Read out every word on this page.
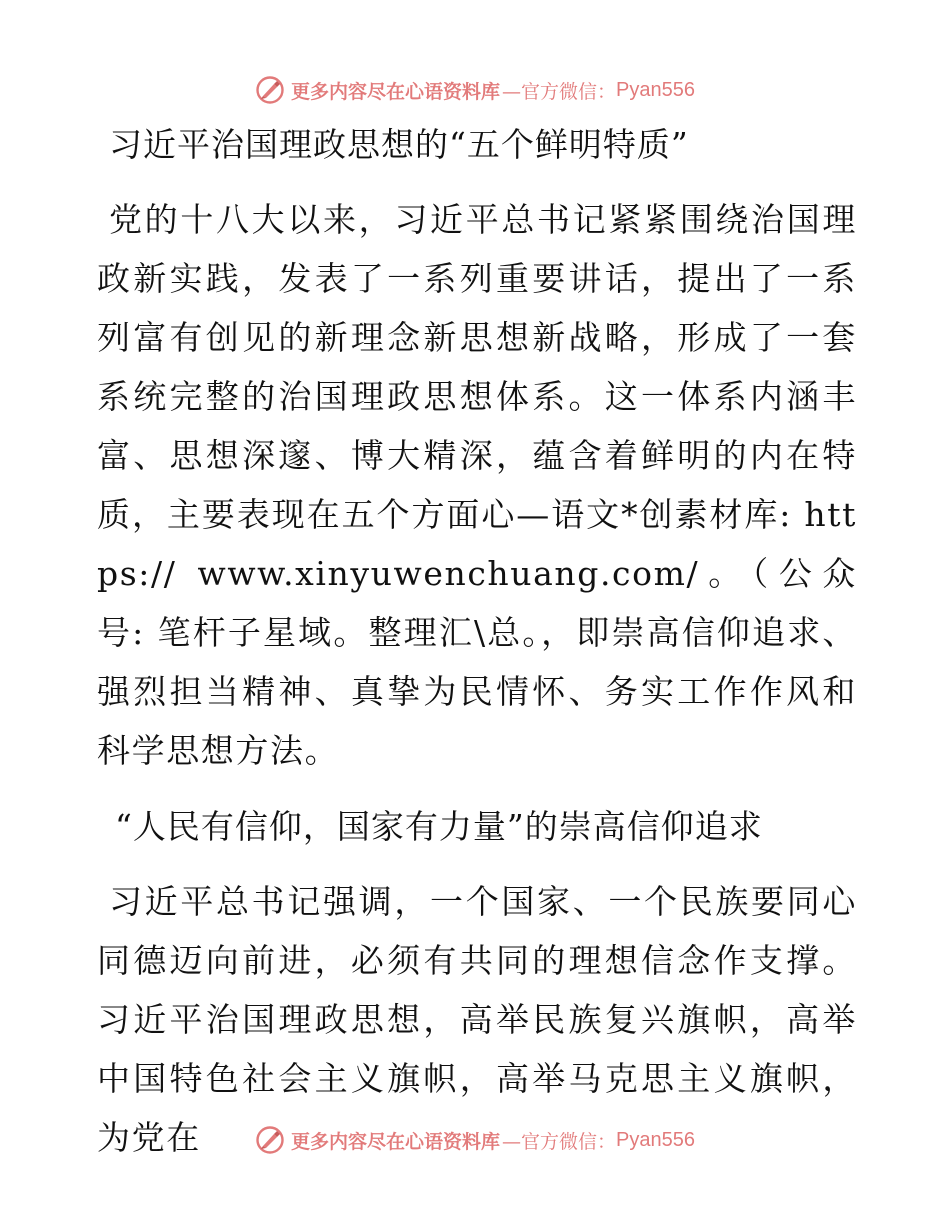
更多内容尽在心语资料库 —官方微信： Pyan556
习近平治国理政思想的“五个鲜明特质”

党的十八大以来，习近平总书记紧紧围绕治国理政新实践，发表了一系列重要讲话，提出了一系列富有创见的新理念新思想新战略，形成了一套系统完整的治国理政思想体系。这一体系内涵丰富、思想深邃、博大精深，蕴含着鲜明的内在特质，主要表现在五个方面心—语文*创素材库: https:// www.xinyuwenchuang.com/。（公众号: 笔杆子星域。整理汇\总。，即崇高信仰追求、强烈担当精神、真挚为民情怀、务实工作作风和科学思想方法。

“人民有信仰，国家有力量”的崇高信仰追求

习近平总书记强调，一个国家、一个民族要同心同德迈向前进，必须有共同的理想信念作支撑。习近平治国理政思想，高举民族复兴旗帜，高举中国特色社会主义旗帜，高举马克思主义旗帜，为党在	更多内容尽在心语资料库 —官方微信： Pyan556
